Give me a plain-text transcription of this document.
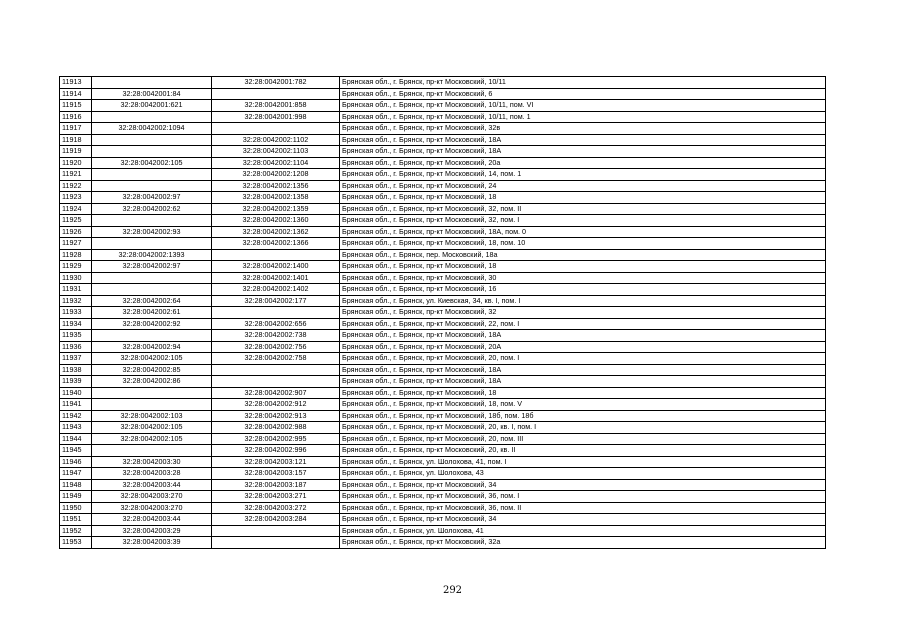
11913		32:28:0042001:782	Брянская обл., г. Брянск, пр-кт Московский, 10/11
11914	32:28:0042001:84		Брянская обл., г. Брянск, пр-кт Московский, 6
11915	32:28:0042001:621	32:28:0042001:858	Брянская обл., г. Брянск, пр-кт Московский, 10/11, пом. VI
11916		32:28:0042001:998	Брянская обл., г. Брянск, пр-кт Московский, 10/11, пом. 1
11917	32:28:0042002:1094		Брянская обл., г. Брянск, пр-кт Московский, 32в
11918		32:28:0042002:1102	Брянская обл., г. Брянск, пр-кт Московский, 18А
11919		32:28:0042002:1103	Брянская обл., г. Брянск, пр-кт Московский, 18А
11920	32:28:0042002:105	32:28:0042002:1104	Брянская обл., г. Брянск, пр-кт Московский, 20а
11921		32:28:0042002:1208	Брянская обл., г. Брянск, пр-кт Московский, 14, пом. 1
11922		32:28:0042002:1356	Брянская обл., г. Брянск, пр-кт Московский, 24
11923	32:28:0042002:97	32:28:0042002:1358	Брянская обл., г. Брянск, пр-кт Московский, 18
11924	32:28:0042002:62	32:28:0042002:1359	Брянская обл., г. Брянск, пр-кт Московский, 32, пом. II
11925		32:28:0042002:1360	Брянская обл., г. Брянск, пр-кт Московский, 32, пом. I
11926	32:28:0042002:93	32:28:0042002:1362	Брянская обл., г. Брянск, пр-кт Московский, 18А, пом. 0
11927		32:28:0042002:1366	Брянская обл., г. Брянск, пр-кт Московский, 18, пом. 10
11928	32:28:0042002:1393		Брянская обл., г. Брянск, пер. Московский, 18а
11929	32:28:0042002:97	32:28:0042002:1400	Брянская обл., г. Брянск, пр-кт Московский, 18
11930		32:28:0042002:1401	Брянская обл., г. Брянск, пр-кт Московский, 30
11931		32:28:0042002:1402	Брянская обл., г. Брянск, пр-кт Московский, 16
11932	32:28:0042002:64	32:28:0042002:177	Брянская обл., г. Брянск, ул. Киевская, 34, кв. I, пом. I
11933	32:28:0042002:61		Брянская обл., г. Брянск, пр-кт Московский, 32
11934	32:28:0042002:92	32:28:0042002:656	Брянская обл., г. Брянск, пр-кт Московский, 22, пом. I
11935		32:28:0042002:738	Брянская обл., г. Брянск, пр-кт Московский, 18А
11936	32:28:0042002:94	32:28:0042002:756	Брянская обл., г. Брянск, пр-кт Московский, 20А
11937	32:28:0042002:105	32:28:0042002:758	Брянская обл., г. Брянск, пр-кт Московский, 20, пом. I
11938	32:28:0042002:85		Брянская обл., г. Брянск, пр-кт Московский, 18А
11939	32:28:0042002:86		Брянская обл., г. Брянск, пр-кт Московский, 18А
11940		32:28:0042002:907	Брянская обл., г. Брянск, пр-кт Московский, 18
11941		32:28:0042002:912	Брянская обл., г. Брянск, пр-кт Московский, 18, пом. V
11942	32:28:0042002:103	32:28:0042002:913	Брянская обл., г. Брянск, пр-кт Московский, 18б, пом. 18б
11943	32:28:0042002:105	32:28:0042002:988	Брянская обл., г. Брянск, пр-кт Московский, 20, кв. I, пом. I
11944	32:28:0042002:105	32:28:0042002:995	Брянская обл., г. Брянск, пр-кт Московский, 20, пом. III
11945		32:28:0042002:996	Брянская обл., г. Брянск, пр-кт Московский, 20, кв. II
11946	32:28:0042003:30	32:28:0042003:121	Брянская обл., г. Брянск, ул. Шолохова, 41, пом. I
11947	32:28:0042003:28	32:28:0042003:157	Брянская обл., г. Брянск, ул. Шолохова, 43
11948	32:28:0042003:44	32:28:0042003:187	Брянская обл., г. Брянск, пр-кт Московский, 34
11949	32:28:0042003:270	32:28:0042003:271	Брянская обл., г. Брянск, пр-кт Московский, 36, пом. I
11950	32:28:0042003:270	32:28:0042003:272	Брянская обл., г. Брянск, пр-кт Московский, 36, пом. II
11951	32:28:0042003:44	32:28:0042003:284	Брянская обл., г. Брянск, пр-кт Московский, 34
11952	32:28:0042003:29		Брянская обл., г. Брянск, ул. Шолохова, 41
11953	32:28:0042003:39		Брянская обл., г. Брянск, пр-кт Московский, 32а
292
